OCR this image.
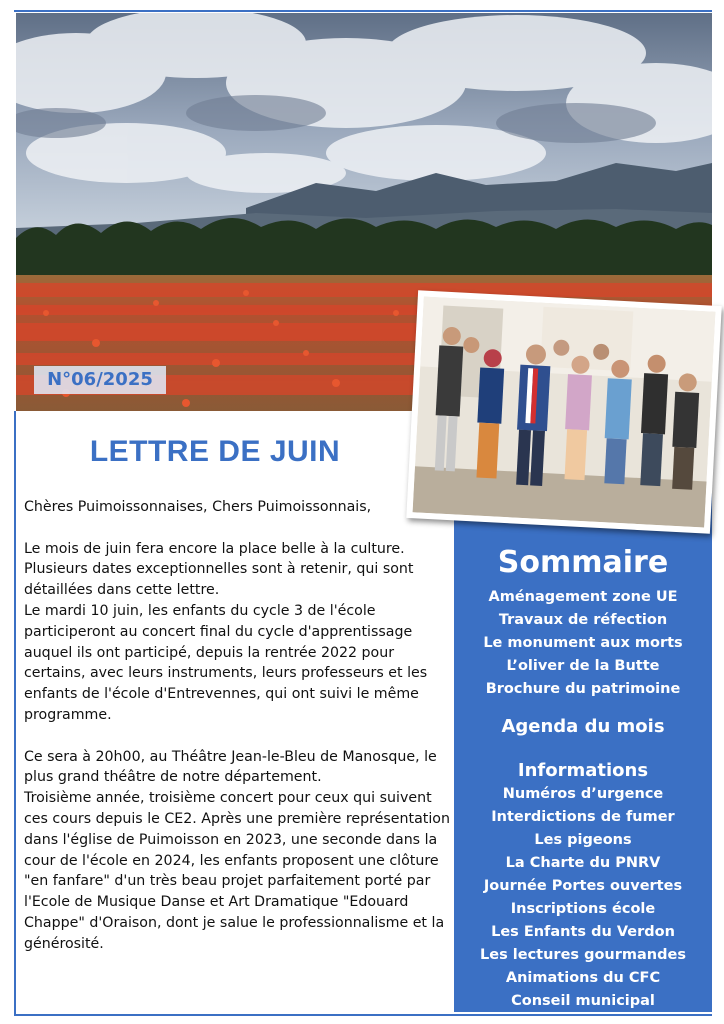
N°06/2025
LETTRE DE JUIN

Chères Puimoissonnaises, Chers Puimoissonnais,

Le mois de juin fera encore la place belle à la culture.

Plusieurs dates exceptionnelles sont à retenir, qui sont détaillées dans cette lettre.

Le mardi 10 juin, les enfants du cycle 3 de l'école participeront au concert final du cycle d'apprentissage auquel ils ont participé, depuis la rentrée 2022 pour certains, avec leurs instruments, leurs professeurs et les enfants de l'école d'Entrevennes, qui ont suivi le même programme.

Ce sera à 20h00, au Théâtre Jean-le-Bleu de Manosque, le plus grand théâtre de notre département.

Troisième année, troisième concert pour ceux qui suivent ces cours depuis le CE2. Après une première représentation dans l'église de Puimoisson en 2023, une seconde dans la cour de l'école en 2024, les enfants proposent une clôture "en fanfare" d'un très beau projet parfaitement porté par l'Ecole de Musique Danse et Art Dramatique "Edouard Chappe" d'Oraison, dont je salue le professionnalisme et la générosité.

Sommaire
Aménagement zone UE
Travaux de réfection
Le monument aux morts
L’oliver de la Butte
Brochure du patrimoine
Agenda du mois
Informations
Numéros d’urgence
Interdictions de fumer
Les pigeons
La Charte du PNRV
Journée Portes ouvertes
Inscriptions école
Les Enfants du Verdon
Les lectures gourmandes
Animations du CFC
Conseil municipal
